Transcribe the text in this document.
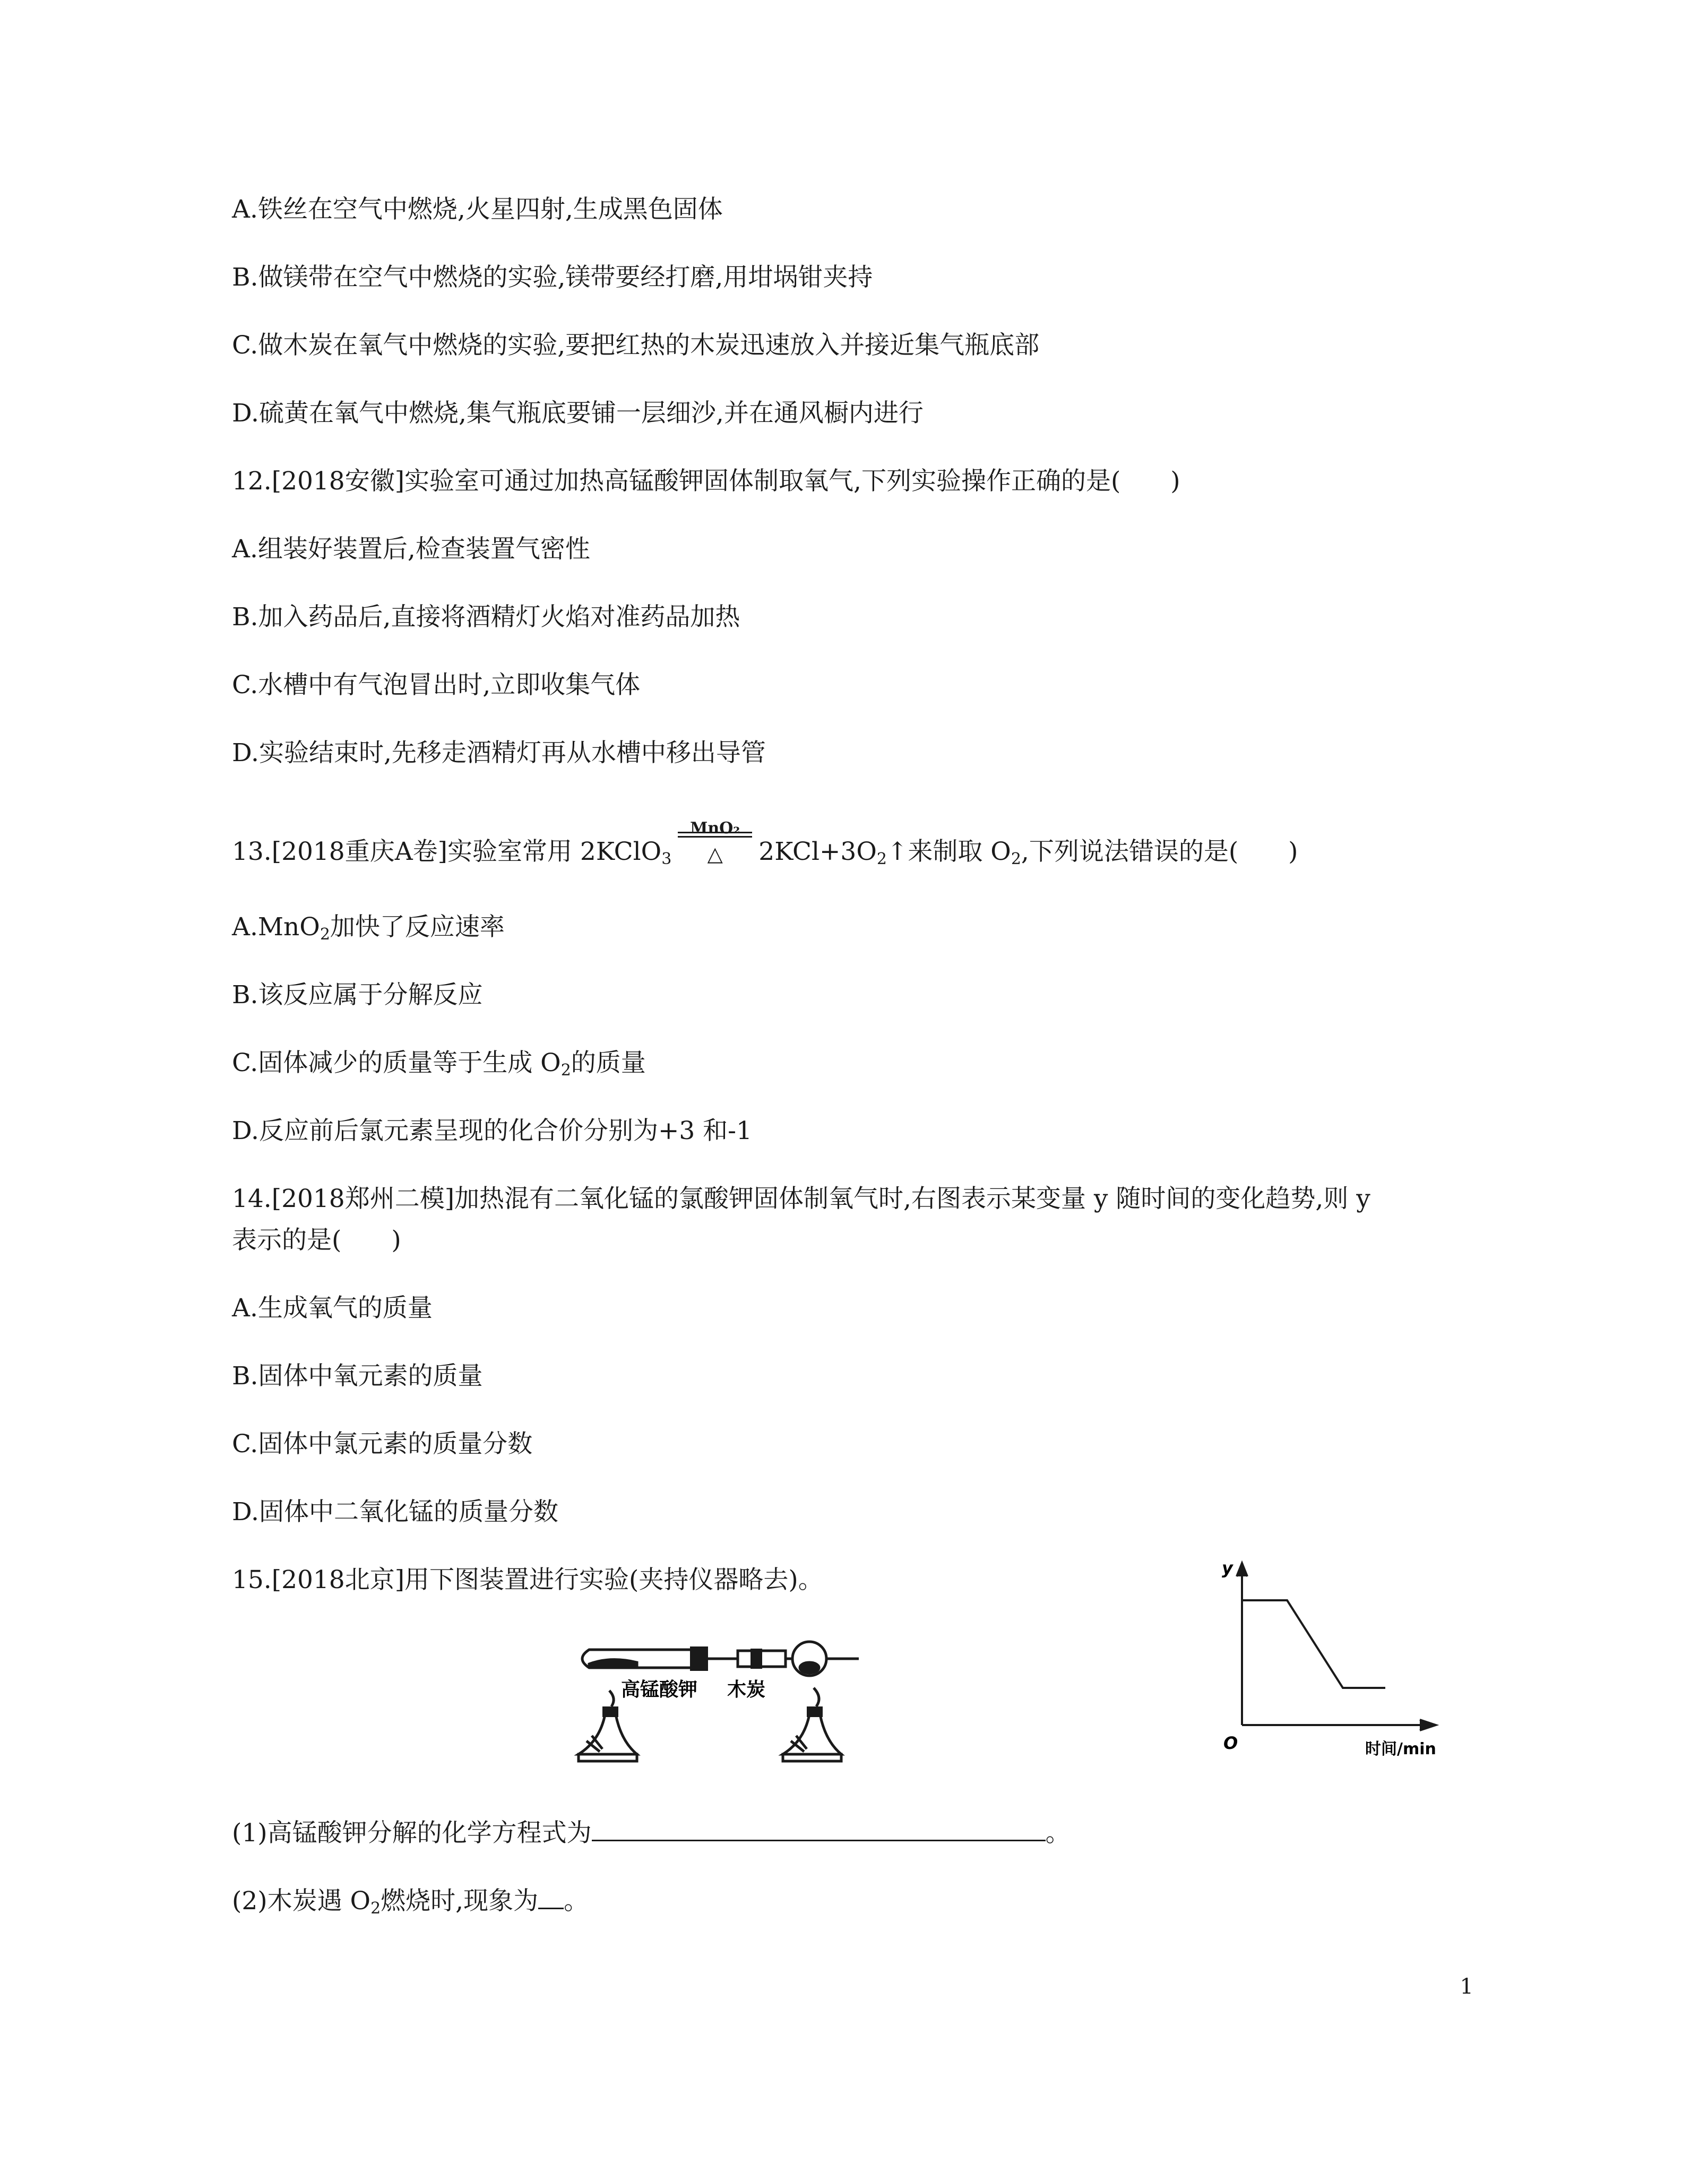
A.铁丝在空气中燃烧,火星四射,生成黑色固体
B.做镁带在空气中燃烧的实验,镁带要经打磨,用坩埚钳夹持
C.做木炭在氧气中燃烧的实验,要把红热的木炭迅速放入并接近集气瓶底部
D.硫黄在氧气中燃烧,集气瓶底要铺一层细沙,并在通风橱内进行
12.[2018安徽]实验室可通过加热高锰酸钾固体制取氧气,下列实验操作正确的是(　　)
A.组装好装置后,检查装置气密性
B.加入药品后,直接将酒精灯火焰对准药品加热
C.水槽中有气泡冒出时,立即收集气体
D.实验结束时,先移走酒精灯再从水槽中移出导管
13.[2018重庆A卷]实验室常用 2KClO$_3$
MnO₂
△	$2KCl+3O_2↑$来制取 $O_2$,下列说法错误的是(　　)
A.MnO$_2$加快了反应速率
B.该反应属于分解反应
C.固体减少的质量等于生成 $O_2$的质量
D.反应前后氯元素呈现的化合价分别为+3 和-1
14.[2018郑州二模]加热混有二氧化锰的氯酸钾固体制氧气时,右图表示某变量 y 随时间的变化趋势,则 y
表示的是(　　)
A.生成氧气的质量
B.固体中氧元素的质量
C.固体中氯元素的质量分数
D.固体中二氧化锰的质量分数
15.[2018北京]用下图装置进行实验(夹持仪器略去)。
高锰酸钾 木炭
y
O	时间/min
(1)高锰酸钾分解的化学方程式为	。
(2)木炭遇 $O_2$燃烧时,现象为 。
1
